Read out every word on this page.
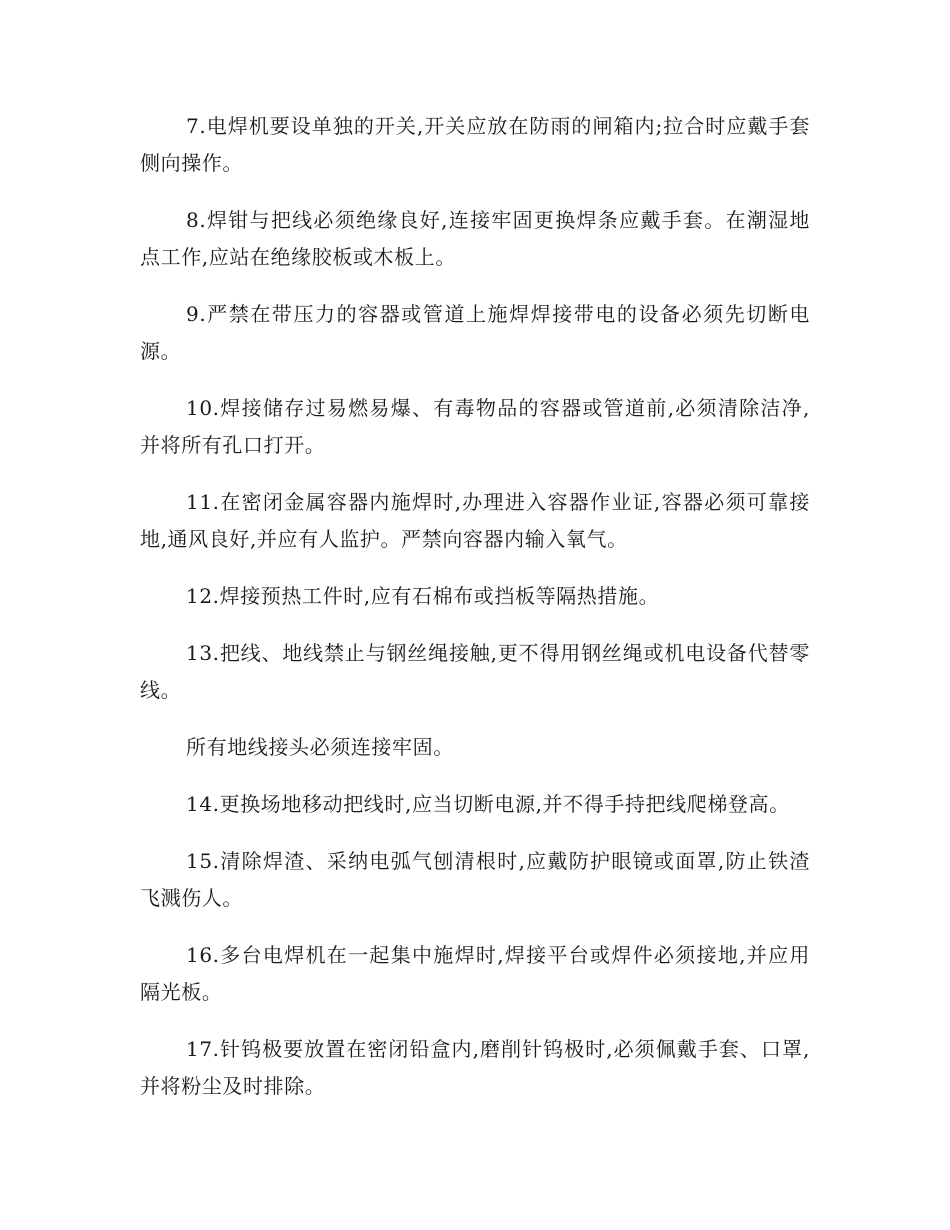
7.电焊机要设单独的开关,开关应放在防雨的闸箱内;拉合时应戴手套侧向操作。

8.焊钳与把线必须绝缘良好,连接牢固更换焊条应戴手套。在潮湿地点工作,应站在绝缘胶板或木板上。

9.严禁在带压力的容器或管道上施焊焊接带电的设备必须先切断电源。

10.焊接储存过易燃易爆、有毒物品的容器或管道前,必须清除洁净,并将所有孔口打开。

11.在密闭金属容器内施焊时,办理进入容器作业证,容器必须可靠接地,通风良好,并应有人监护。严禁向容器内输入氧气。

12.焊接预热工件时,应有石棉布或挡板等隔热措施。

13.把线、地线禁止与钢丝绳接触,更不得用钢丝绳或机电设备代替零线。

所有地线接头必须连接牢固。

14.更换场地移动把线时,应当切断电源,并不得手持把线爬梯登高。

15.清除焊渣、采纳电弧气刨清根时,应戴防护眼镜或面罩,防止铁渣飞溅伤人。

16.多台电焊机在一起集中施焊时,焊接平台或焊件必须接地,并应用隔光板。

17.针钨极要放置在密闭铅盒内,磨削针钨极时,必须佩戴手套、口罩,并将粉尘及时排除。
